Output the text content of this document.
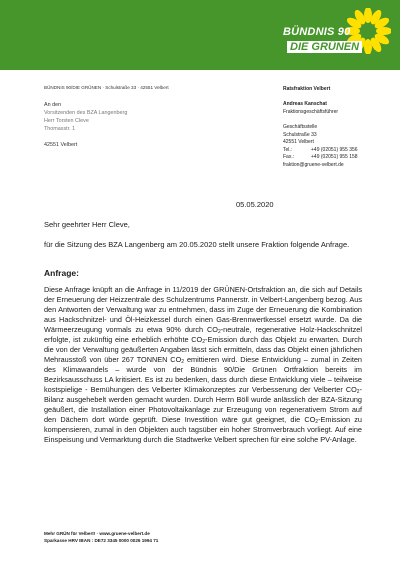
BÜNDNIS 90
DIE GRÜNEN
BÜNDNIS 90/DIE GRÜNEN · Schulstraße 33 · 42551 Velbert
An den
Vorsitzenden des BZA Langenberg
Herr Torsten Cleve
Thomasstr. 1
42551 Velbert
Ratsfraktion Velbert
Andreas Kanschat
Fraktionsgeschäftsführer
Geschäftsstelle
Schulstraße 33
42551 Velbert
Tel.:	+49 (02051) 955 356
Fax.:	+49 (02051) 955 158
fraktion@gruene-velbert.de
05.05.2020
Sehr geehrter Herr Cleve,
für die Sitzung des BZA Langenberg am 20.05.2020 stellt unsere Fraktion folgende Anfrage.
Anfrage:
Diese Anfrage knüpft an die Anfrage in 11/2019 der GRÜNEN-Ortsfraktion an, die sich auf Details der Erneuerung der Heizzentrale des Schulzentrums Pannerstr. in Velbert-Langenberg bezog. Aus den Antworten der Verwaltung war zu entnehmen, dass im Zuge der Erneuerung die Kombination aus Hackschnitzel- und Öl-Heizkessel durch einen Gas-Brennwertkessel ersetzt wurde. Da die Wärmeerzeugung vormals zu etwa 90% durch $CO_2$-neutrale, regenerative Holz-Hackschnitzel erfolgte, ist zukünftig eine erheblich erhöhte $CO_2$-Emission durch das Objekt zu erwarten. Durch die von der Verwaltung geäußerten Angaben lässt sich ermitteln, dass das Objekt einen jährlichen Mehrausstoß von über 267 TONNEN $CO_2$ emittieren wird. Diese Entwicklung – zumal in Zeiten des Klimawandels – wurde von der Bündnis 90/Die Grünen Ortfraktion bereits im Bezirksausschuss LA kritisiert. Es ist zu bedenken, dass durch diese Entwicklung viele – teilweise kostspielige - Bemühungen des Velberter Klimakonzeptes zur Verbesserung der Velberter $CO_2$-Bilanz ausgehebelt werden gemacht wurden. Durch Herrn Böll wurde anlässlich der BZA-Sitzung geäußert, die Installation einer Photovoltaikanlage zur Erzeugung von regenerativem Strom auf den Dächern dort würde geprüft. Diese Investition wäre gut geeignet, die $CO_2$-Emission zu kompensieren, zumal in den Objekten auch tagsüber ein hoher Stromverbrauch vorliegt. Auf eine Einspeisung und Vermarktung durch die Stadtwerke Velbert sprechen für eine solche PV-Anlage.
Mehr GRÜN für Velbert! · www.gruene-velbert.de
Sparkasse HRV IBAN : DE72 3345 0000 0026 1994 71
